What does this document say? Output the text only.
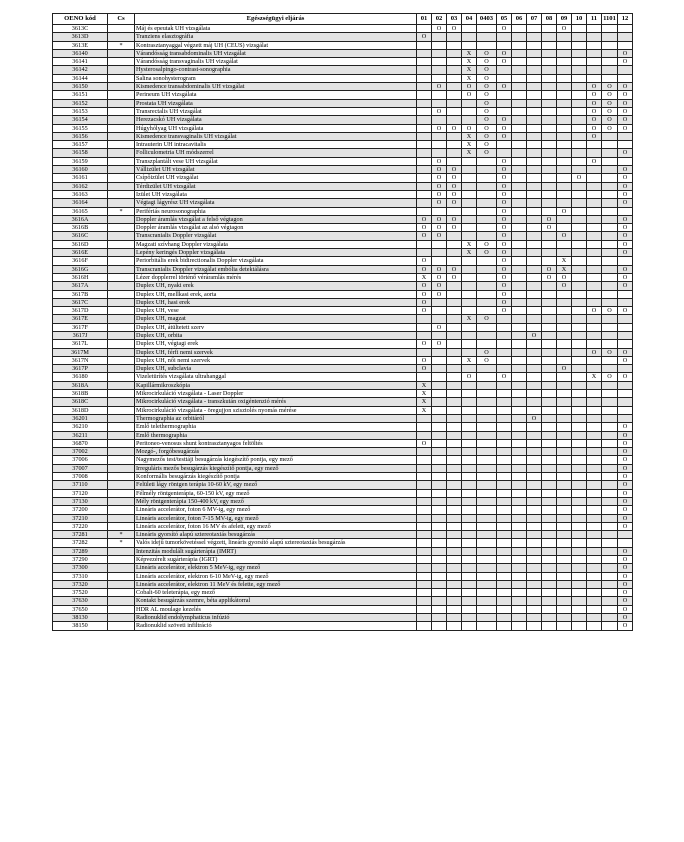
OENO kód	Cs	Egészségügyi eljárás	01	02	03	04	0403	05	06	07	08	09	10	11	1101	12
3613C		Máj és epeutak UH vizsgálata		O	O			O				O				
3613D		Tranziens elasztográfia	O													
3613E	*	Kontrasztanyaggal végzett máj UH (CEUS) vizsgálat														
36140		Várandósság transabdominalis UH vizsgálat				X	O	O								O
36141		Várandósság transvaginalis UH vizsgálat				X	O	O								O
36142		Hysterosalpingo-contrast-sonographia				X	O									
36144		Salina sonohysterogram				X	O									
36150		Kismedence transabdominalis UH vizsgálat		O		O	O	O						O	O	O
36151		Perineum UH vizsgálata				O	O							O	O	O
36152		Prostata UH vizsgálata					O							O	O	O
36153		Transrectalis UH vizsgálat		O			O							O	O	O
36154		Herezacskó UH vizsgálata					O	O						O	O	O
36155		Húgyhólyag UH vizsgálata		O	O	O	O	O						O	O	O
36156		Kismedence transvaginalis UH vizsgálat				X	O	O						O		
36157		Intrauterin UH intracavitalis				X	O									
36158		Folliculometria UH módszerrel				X	O									O
36159		Transzplantált vese UH vizsgálat		O				O						O		
36160		Vállizület UH vizsgálat		O	O			O								O
36161		Csípőizület UH vizsgálat		O	O			O					O			O
36162		Térdizület UH vizsgálat		O	O			O								O
36163		Izület UH vizsgálata		O	O			O								O
36164		Végtagi lágyrész UH vizsgálata		O	O			O								O
36165	*	Perifériás neurosonographia						O				O				
3616A		Doppler áramlás vizsgálat a felső végtagon	O	O	O			O			O					O
3616B		Doppler áramlás vizsgálat az alsó végtagon	O	O	O			O			O					O
3616C		Transcranialis Doppler vizsgálat	O	O				O				O				O
3616D		Magzati szívhang Doppler vizsgálata				X	O	O								O
3616E		Lepény keringés Doppler vizsgálata				X	O	O								O
3616F		Periorbitális erek bidirectionalis Doppler vizsgálata	O					O				X				
3616G		Transcranialis Doppler vizsgálat embólia detektálásra	O	O	O			O			O	X				O
3616H		Lézer dopplerrel történő véráramlás mérés	X	O	O			O			O	O				O
3617A		Duplex UH, nyaki erek	O	O				O				O				O
3617B		Duplex UH, mellkasi erek, aorta	O	O				O								
3617C		Duplex UH, hasi erek	O					O								
3617D		Duplex UH, vese	O					O						O	O	O
3617E		Duplex UH, magzat				X	O									
3617F		Duplex UH, átültetett szerv		O												
3617J		Duplex UH, orbita								O						
3617L		Duplex UH, végtagi erek	O	O												
3617M		Duplex UH, férfi nemi szervek					O							O	O	O
3617N		Duplex UH, női nemi szervek	O			X	O									O
3617P		Duplex UH, subclavia	O									O				
36180		Vizeletürítés vizsgálata ultrahanggal				O		O						X	O	O
3618A		Kapillármikroszkópia	X													
3618B		Mikrocirkuláció vizsgálata - Laser Doppler	X													
3618C		Mikrocirkuláció vizsgálata - transzkután oxigéntenzió mérés	X													
3618D		Mikrocirkuláció vizsgálata - öregujjon szisztolés nyomás mérése	X													
36201		Thermographia az orbitáról								O						
36210		Emlő telethermographia														O
36211		Emlő thermographia														O
36870		Peritoneo-venosus shunt kontrasztanyagos feltöltés	O													O
37002		Mozgó-, forgóbesugárzás														O
37006		Nagymezős test/testtáji besugárzás kiegészítő pontja, egy mező														O
37007		Irreguláris mezős besugárzás kiegészítő pontja, egy mező														O
37008		Konformális besugárzás kiegészítő pontja														O
37110		Felületi lágy röntgen terápia 10-60 kV, egy mező														O
37120		Félmély röntgenterápia, 60-150 kV, egy mező														O
37130		Mély röntgenterápia 150-400 kV, egy mező														O
37200		Lineáris accelerátor, foton 6 MV-ig, egy mező														O
37210		Lineáris accelerátor, foton 7-15 MV-ig, egy mező														O
37220		Lineáris accelerátor, foton 16 MV és afelett, egy mező														O
37281	*	Lineáris gyorsító alapú sztereotaxiás besugárzás														
37282	*	Valós idejű tumorkövetéssel végzett, lineáris gyorsító alapú sztereotaxiás besugárzás														
37289		Intenzitás modulált sugárterápia (IMRT)														O
37290		Képvezérelt sugárterápia (IGRT)														O
37300		Lineáris accelerátor, elektron 5 MeV-ig, egy mező														O
37310		Lineáris accelerátor, elektron 6-10 MeV-ig, egy mező														O
37320		Lineáris accelerátor, elektron 11 MeV és felette, egy mező														O
37520		Cobalt-60 teleterápia, egy mező														O
37630		Kontakt besugárzás szemre, béta applikátorral														O
37650		HDR AL moulage kezelés														O
38130		Radionuklid endolymphaticus infúzió														O
38150		Radionuklid szöveti infiltráció														O
